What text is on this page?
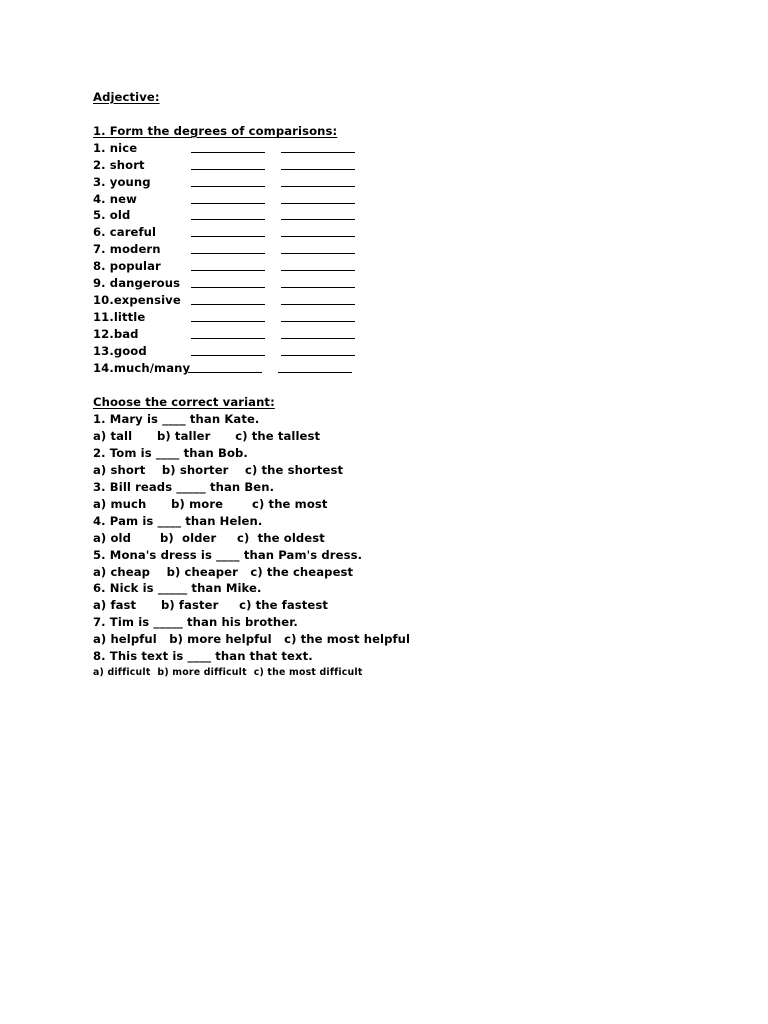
Adjective:
1. Form the degrees of comparisons:
1. nice
2. short
3. young
4. new
5. old
6. careful
7. modern
8. popular
9. dangerous
10.expensive
11.little
12.bad
13.good
14.much/many
Choose the correct variant:
1. Mary is ____ than Kate.
a) tall      b) taller      c) the tallest
2. Tom is ____ than Bob.
a) short    b) shorter    c) the shortest
3. Bill reads _____ than Ben.
a) much      b) more       c) the most
4. Pam is ____ than Helen.
a) old       b)  older     c)  the oldest
5. Mona's dress is ____ than Pam's dress.
a) cheap    b) cheaper   c) the cheapest
6. Nick is _____ than Mike.
a) fast      b) faster     c) the fastest
7. Tim is _____ than his brother.
a) helpful   b) more helpful   c) the most helpful
8. This text is ____ than that text.
a) difficult  b) more difficult  c) the most difficult
